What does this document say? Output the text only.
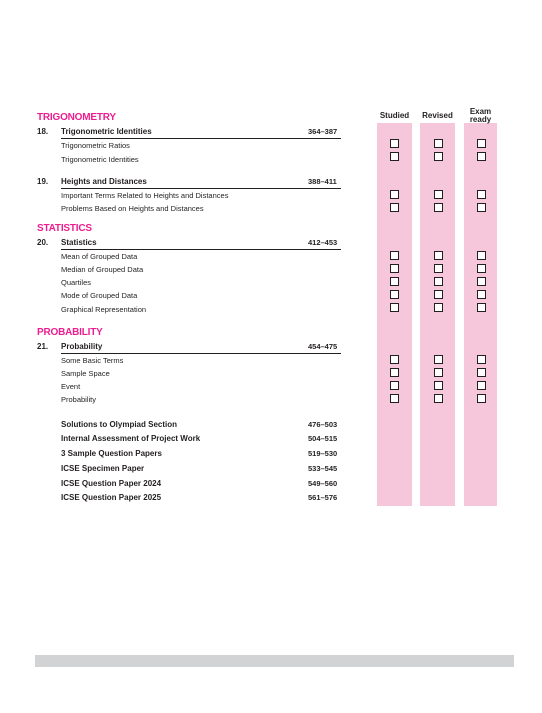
Studied	Revised	Exam
ready
TRIGONOMETRY
18. Trigonometric Identities	364–387
Trigonometric Ratios
Trigonometric Identities
19. Heights and Distances	388–411
Important Terms Related to Heights and Distances
Problems Based on Heights and Distances
STATISTICS
20. Statistics	412–453
Mean of Grouped Data
Median of Grouped Data
Quartiles
Mode of Grouped Data
Graphical Representation
PROBABILITY
21. Probability	454–475
Some Basic Terms
Sample Space
Event
Probability
Solutions to Olympiad Section	476–503
Internal Assessment of Project Work	504–515
3 Sample Question Papers	519–530
ICSE Specimen Paper	533–545
ICSE Question Paper 2024	549–560
ICSE Question Paper 2025	561–576
